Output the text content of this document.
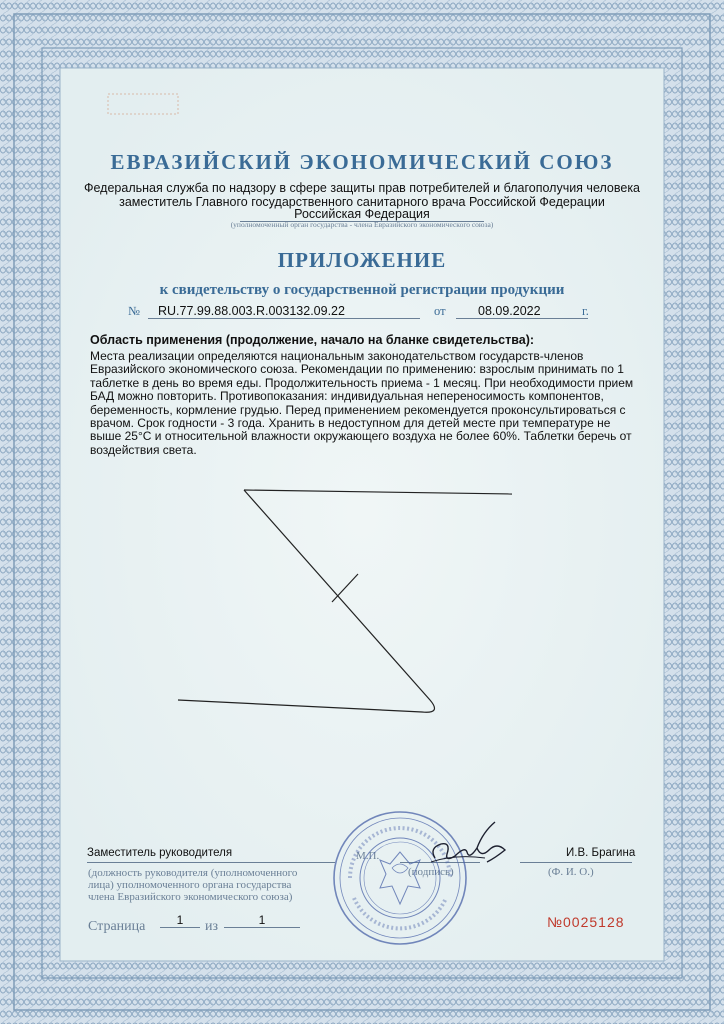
ЕВРАЗИЙСКИЙ ЭКОНОМИЧЕСКИЙ СОЮЗ
Федеральная служба по надзору в сфере защиты прав потребителей и благополучия человека
заместитель Главного государственного санитарного врача Российской Федерации
Российская Федерация
(уполномоченный орган государства - члена Евразийского экономического союза)
ПРИЛОЖЕНИЕ
к свидетельству о государственной регистрации продукции
№	RU.77.99.88.003.R.003132.09.22	от	08.09.2022	г.
Область применения (продолжение, начало на бланке свидетельства):
Места реализации определяются национальным законодательством государств-членов
Евразийского экономического союза. Рекомендации по применению: взрослым принимать по 1
таблетке в день во время еды. Продолжительность приема - 1 месяц. При необходимости прием
БАД можно повторить. Противопоказания: индивидуальная непереносимость компонентов,
беременность, кормление грудью. Перед применением рекомендуется проконсультироваться с
врачом. Срок годности - 3 года. Хранить в недоступном для детей месте при температуре не
выше 25°С и относительной влажности окружающего воздуха не более 60%. Таблетки беречь от
воздействия света.
Заместитель руководителя	И.В. Брагина
(должность руководителя (уполномоченного
лица) уполномоченного органа государства
члена Евразийского экономического союза)
М.П.
(подпись)	(Ф. И. О.)
Страница	1	из	1	№0025128
